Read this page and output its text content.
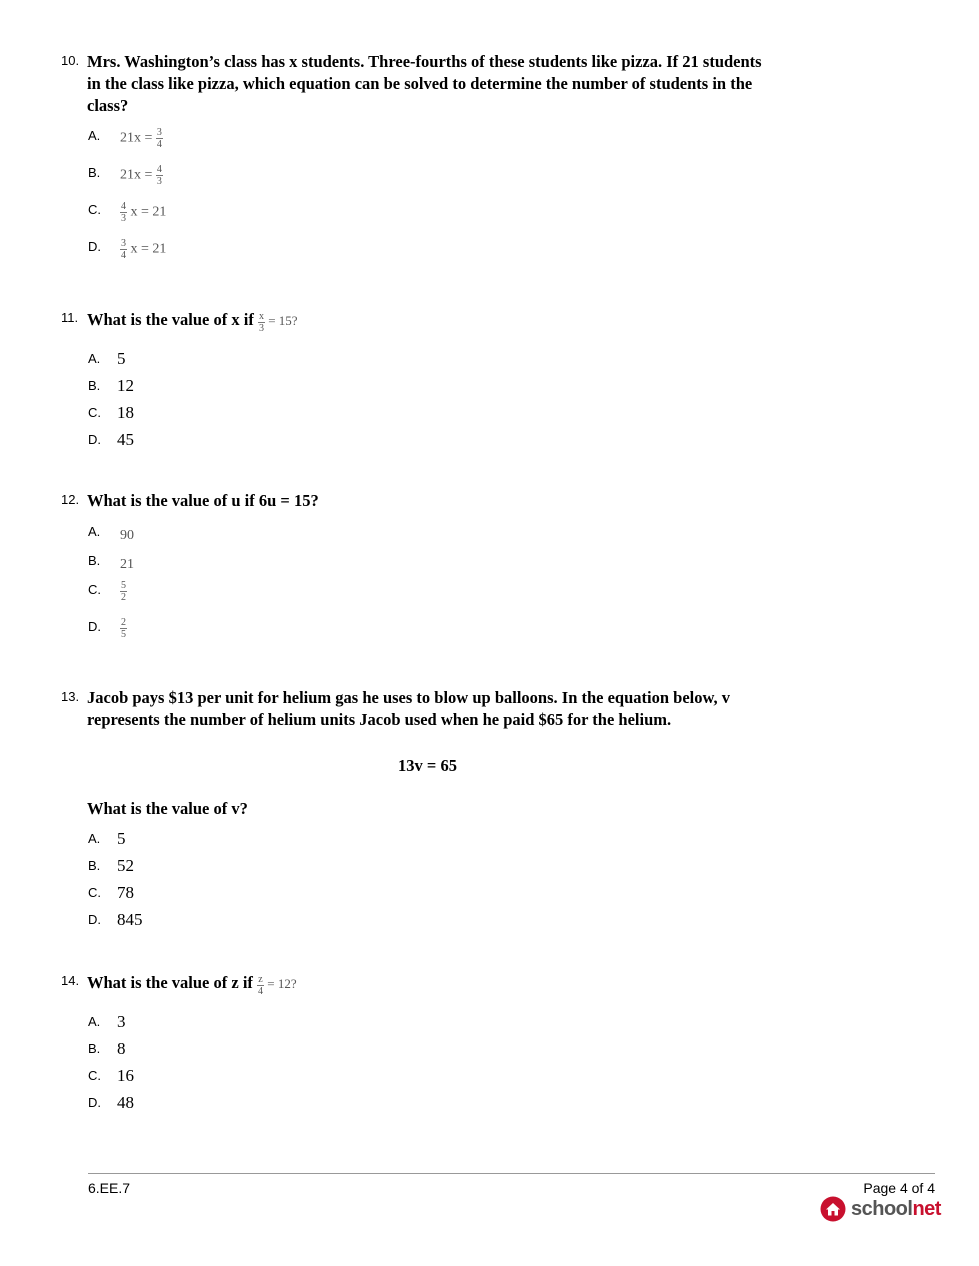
10. Mrs. Washington’s class has x students. Three-fourths of these students like pizza. If 21 students in the class like pizza, which equation can be solved to determine the number of students in the class?
A. $21x = \frac{3}{4}$
B. $21x = \frac{4}{3}$
C. $\frac{4}{3}$ x = 21
D. $\frac{3}{4}$ x = 21
11. What is the value of x if $\frac{x}{3} = 15$?
A. 5
B. 12
C. 18
D. 45
12. What is the value of u if 6u = 15?
A. 90
B. 21
C. $\frac{5}{2}$
D. $\frac{2}{5}$
13. Jacob pays $13 per unit for helium gas he uses to blow up balloons. In the equation below, v represents the number of helium units Jacob used when he paid $65 for the helium.
13v = 65
What is the value of v?
A. 5
B. 52
C. 78
D. 845
14. What is the value of z if $\frac{z}{4} = 12$?
A. 3
B. 8
C. 16
D. 48
6.EE.7	Page 4 of 4
schoolnet
